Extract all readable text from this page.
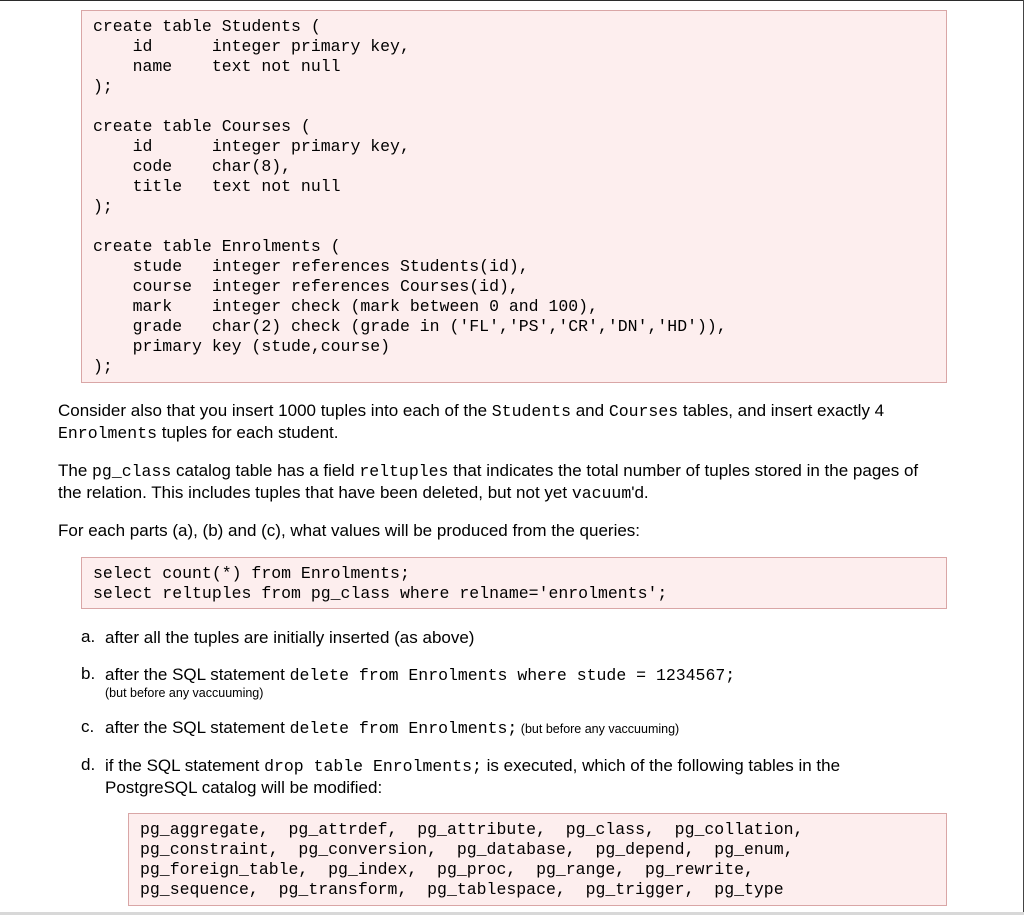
create table Students (
id      integer primary key,
name    text not null
);
create table Courses (
id      integer primary key,
code    char(8),
title   text not null
);
create table Enrolments (
stude   integer references Students(id),
course  integer references Courses(id),
mark    integer check (mark between 0 and 100),
grade   char(2) check (grade in ('FL','PS','CR','DN','HD')),
primary key (stude,course)
);
Consider also that you insert 1000 tuples into each of the Students and Courses tables, and insert exactly 4
Enrolments tuples for each student.
The pg_class catalog table has a field reltuples that indicates the total number of tuples stored in the pages of
the relation. This includes tuples that have been deleted, but not yet vacuum'd.
For each parts (a), (b) and (c), what values will be produced from the queries:
select count(*) from Enrolments;
select reltuples from pg_class where relname='enrolments';
a. after all the tuples are initially inserted (as above)
b. after the SQL statement delete from Enrolments where stude = 1234567;
(but before any vaccuuming)
c. after the SQL statement delete from Enrolments; (but before any vaccuuming)
d. if the SQL statement drop table Enrolments; is executed, which of the following tables in the
PostgreSQL catalog will be modified:
pg_aggregate,  pg_attrdef,  pg_attribute,  pg_class,  pg_collation,
pg_constraint,  pg_conversion,  pg_database,  pg_depend,  pg_enum,
pg_foreign_table,  pg_index,  pg_proc,  pg_range,  pg_rewrite,
pg_sequence,  pg_transform,  pg_tablespace,  pg_trigger,  pg_type
